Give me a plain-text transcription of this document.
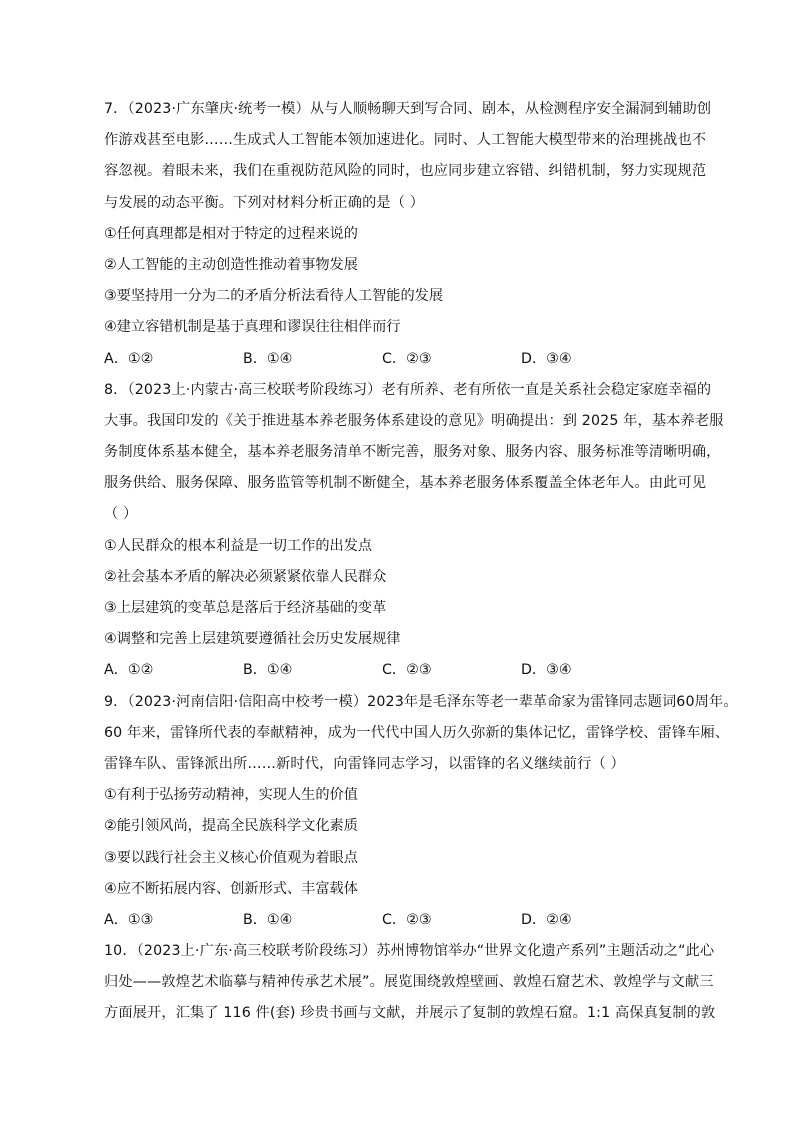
7．（2023·广东肇庆·统考一模）从与人顺畅聊天到写合同、剧本，从检测程序安全漏洞到辅助创
作游戏甚至电影……生成式人工智能本领加速进化。同时、人工智能大模型带来的治理挑战也不
容忽视。着眼未来，我们在重视防范风险的同时，也应同步建立容错、纠错机制，努力实现规范
与发展的动态平衡。下列对材料分析正确的是（ ）
①任何真理都是相对于特定的过程来说的
②人工智能的主动创造性推动着事物发展
③要坚持用一分为二的矛盾分析法看待人工智能的发展
④建立容错机制是基于真理和谬误往往相伴而行
A．①②	B．①④	C．②③	D．③④
8．（2023上·内蒙古·高三校联考阶段练习）老有所养、老有所依一直是关系社会稳定家庭幸福的
大事。我国印发的《关于推进基本养老服务体系建设的意见》明确提出：到 2025 年，基本养老服
务制度体系基本健全，基本养老服务清单不断完善，服务对象、服务内容、服务标准等清晰明确，
服务供给、服务保障、服务监管等机制不断健全，基本养老服务体系覆盖全体老年人。由此可见
（ ）
①人民群众的根本利益是一切工作的出发点
②社会基本矛盾的解决必须紧紧依靠人民群众
③上层建筑的变革总是落后于经济基础的变革
④调整和完善上层建筑要遵循社会历史发展规律
A．①②	B．①④	C．②③	D．③④
9．（2023·河南信阳·信阳高中校考一模）2023年是毛泽东等老一辈革命家为雷锋同志题词60周年。
60 年来，雷锋所代表的奉献精神，成为一代代中国人历久弥新的集体记忆，雷锋学校、雷锋车厢、
雷锋车队、雷锋派出所……新时代，向雷锋同志学习，以雷锋的名义继续前行（ ）
①有利于弘扬劳动精神，实现人生的价值
②能引领风尚，提高全民族科学文化素质
③要以践行社会主义核心价值观为着眼点
④应不断拓展内容、创新形式、丰富载体
A．①③	B．①④	C．②③	D．②④
10．（2023上·广东·高三校联考阶段练习）苏州博物馆举办“世界文化遗产系列”主题活动之“此心
归处——敦煌艺术临摹与精神传承艺术展”。展览围绕敦煌壁画、敦煌石窟艺术、敦煌学与文献三
方面展开，汇集了 116 件(套) 珍贵书画与文献，并展示了复制的敦煌石窟。1:1 高保真复制的敦
